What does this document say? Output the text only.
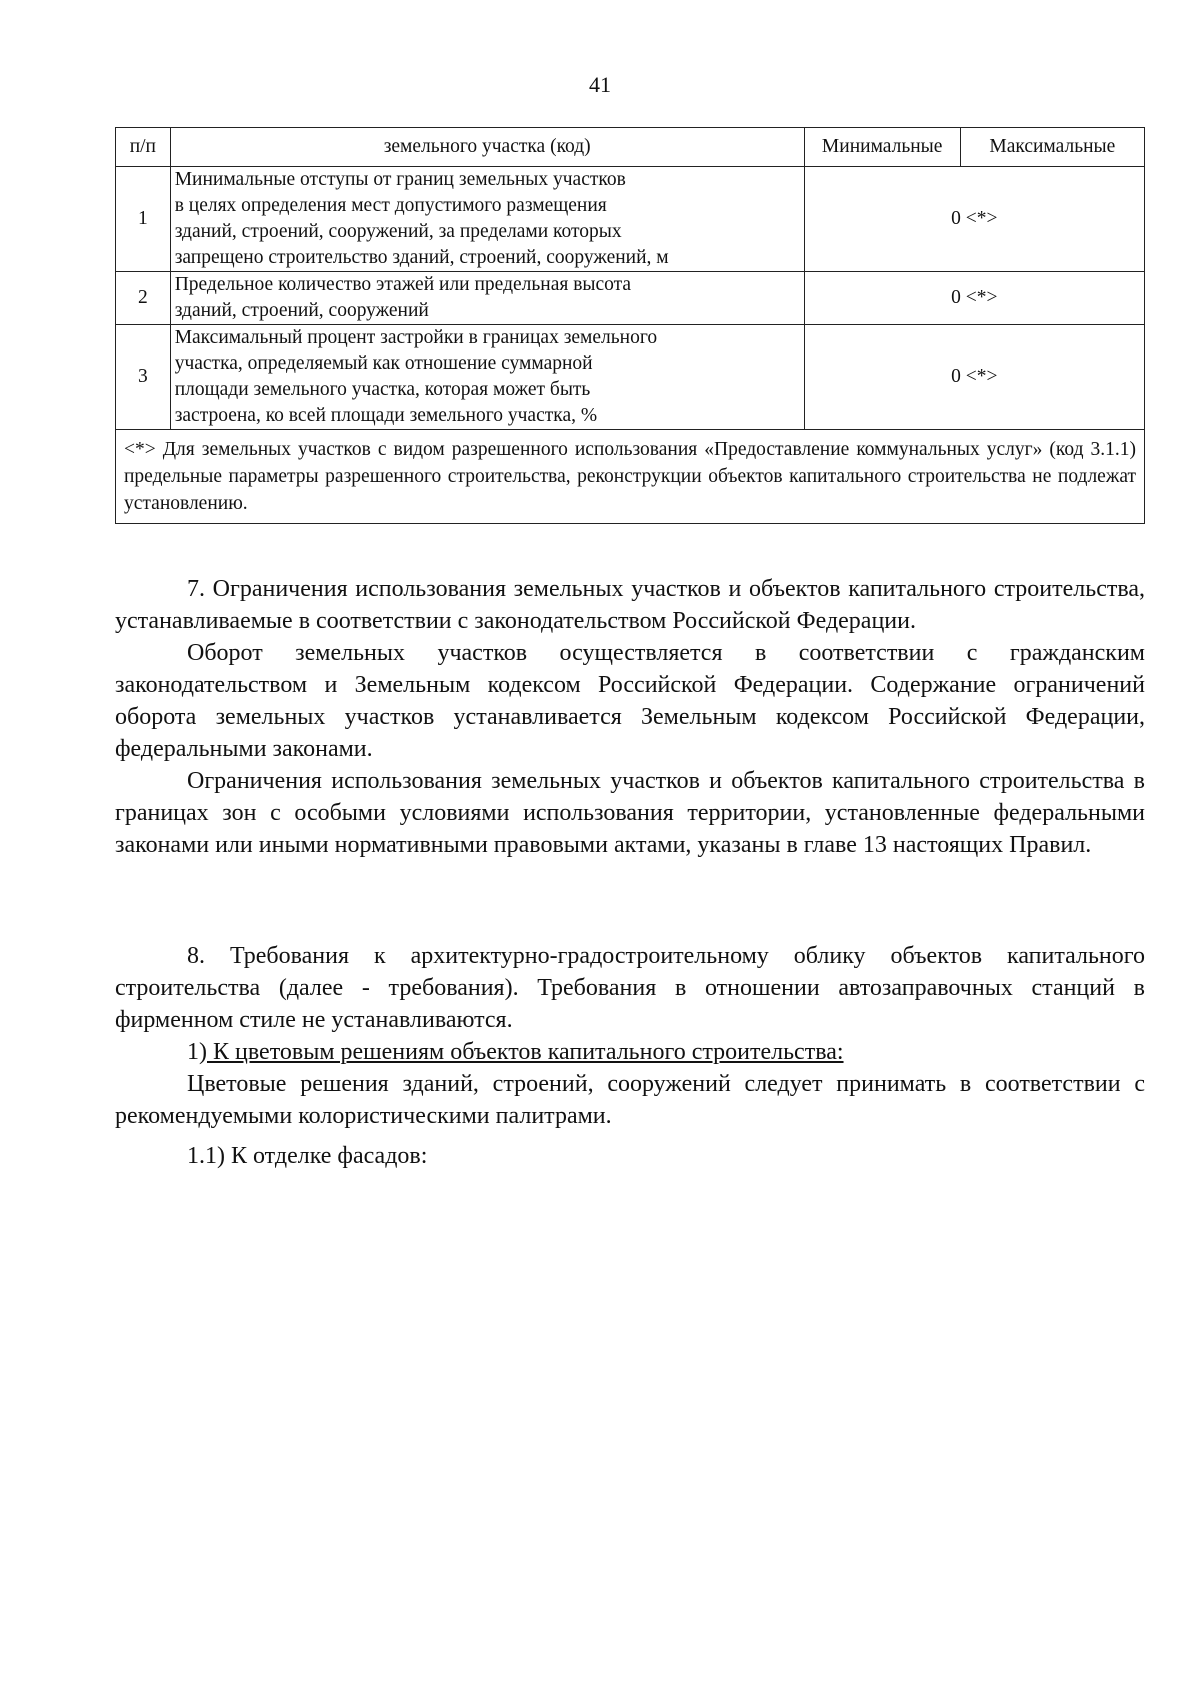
41
п/п	земельного участка (код)	Минимальные	Максимальные
1	Минимальные отступы от границ земельных участков
в целях определения мест допустимого размещения
зданий, строений, сооружений, за пределами которых
запрещено строительство зданий, строений, сооружений, м	0 <*>	
2	Предельное количество этажей или предельная высота
зданий, строений, сооружений	0 <*>	
3	Максимальный процент застройки в границах земельного
участка, определяемый как отношение суммарной
площади земельного участка, которая может быть
застроена, ко всей площади земельного участка, %	0 <*>	
<*> Для земельных участков с видом разрешенного использования «Предоставление коммунальных услуг» (код 3.1.1) предельные параметры разрешенного строительства, реконструкции объектов капитального строительства не подлежат установлению.			

7. Ограничения использования земельных участков и объектов капитального строительства, устанавливаемые в соответствии с законодательством Российской Федерации.

Оборот земельных участков осуществляется в соответствии с гражданским законодательством и Земельным кодексом Российской Федерации. Содержание ограничений оборота земельных участков устанавливается Земельным кодексом Российской Федерации, федеральными законами.

Ограничения использования земельных участков и объектов капитального строительства в границах зон с особыми условиями использования территории, установленные федеральными законами или иными нормативными правовыми актами, указаны в главе 13 настоящих Правил.

8. Требования к архитектурно-градостроительному облику объектов капитального строительства (далее - требования). Требования в отношении автозаправочных станций в фирменном стиле не устанавливаются.

1) К цветовым решениям объектов капитального строительства:

Цветовые решения зданий, строений, сооружений следует принимать в соответствии с рекомендуемыми колористическими палитрами.

1.1) К отделке фасадов:
